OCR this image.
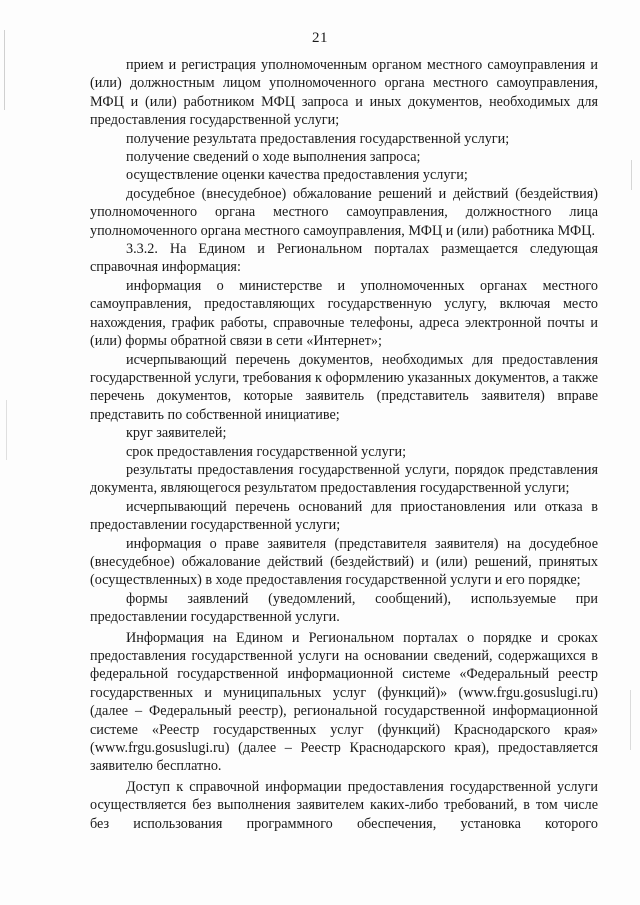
21

прием и регистрация уполномоченным органом местного самоуправления и (или) должностным лицом уполномоченного органа местного самоуправления, МФЦ и (или) работником МФЦ запроса и иных документов, необходимых для предоставления государственной услуги;

получение результата предоставления государственной услуги;

получение сведений о ходе выполнения запроса;

осуществление оценки качества предоставления услуги;

досудебное (внесудебное) обжалование решений и действий (бездействия) уполномоченного органа местного самоуправления, должностного лица уполномоченного органа местного самоуправления, МФЦ и (или) работника МФЦ.

3.3.2. На Едином и Региональном порталах размещается следующая справочная информация:

информация о министерстве и уполномоченных органах местного самоуправления, предоставляющих государственную услугу, включая место нахождения, график работы, справочные телефоны, адреса электронной почты и (или) формы обратной связи в сети «Интернет»;

исчерпывающий перечень документов, необходимых для предоставления государственной услуги, требования к оформлению указанных документов, а также перечень документов, которые заявитель (представитель заявителя) вправе представить по собственной инициативе;

круг заявителей;

срок предоставления государственной услуги;

результаты предоставления государственной услуги, порядок представления документа, являющегося результатом предоставления государственной услуги;

исчерпывающий перечень оснований для приостановления или отказа в предоставлении государственной услуги;

информация о праве заявителя (представителя заявителя) на досудебное (внесудебное) обжалование действий (бездействий) и (или) решений, принятых (осуществленных) в ходе предоставления государственной услуги и его порядке;

формы заявлений (уведомлений, сообщений), используемые при предоставлении государственной услуги.

Информация на Едином и Региональном порталах о порядке и сроках предоставления государственной услуги на основании сведений, содержащихся в федеральной государственной информационной системе «Федеральный реестр государственных и муниципальных услуг (функций)» (www.frgu.gosuslugi.ru) (далее – Федеральный реестр), региональной государственной информационной системе «Реестр государственных услуг (функций) Краснодарского края» (www.frgu.gosuslugi.ru) (далее – Реестр Краснодарского края), предоставляется заявителю бесплатно.

Доступ к справочной информации предоставления государственной услуги осуществляется без выполнения заявителем каких-либо требований, в том числе без использования программного обеспечения, установка которого
